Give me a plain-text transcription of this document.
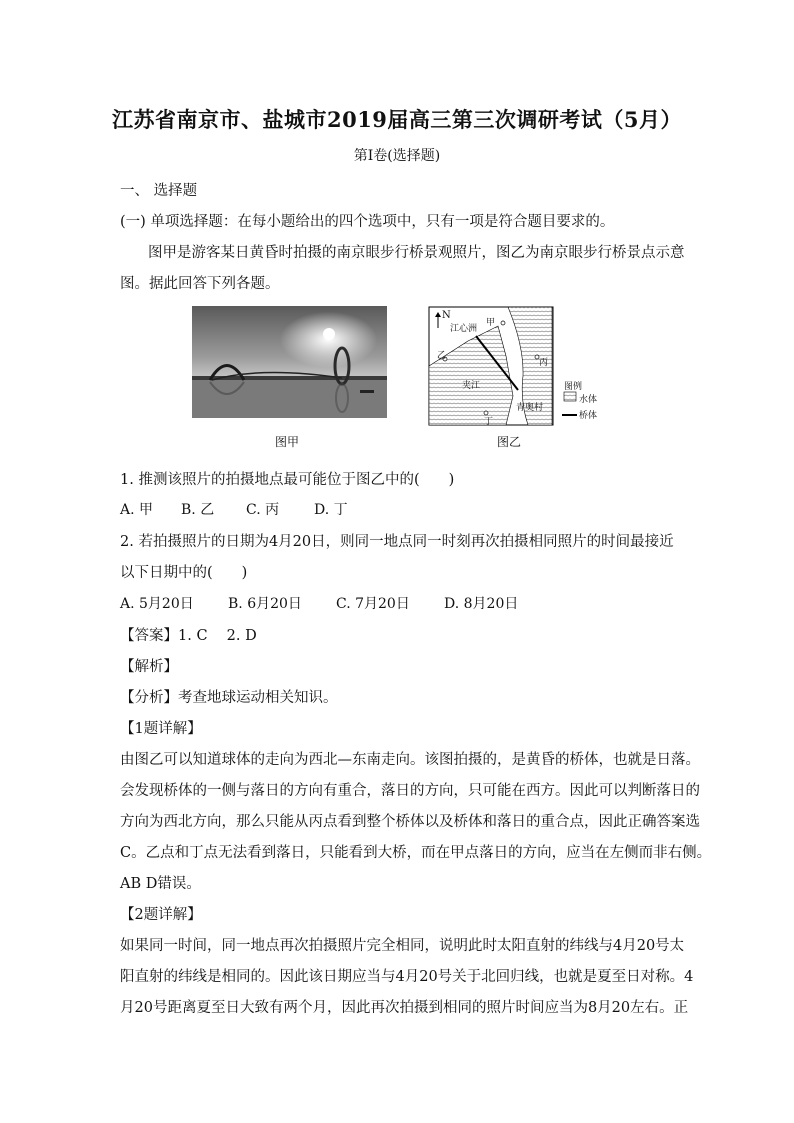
江苏省南京市、盐城市2019届高三第三次调研考试（5月）
第Ⅰ卷(选择题)
一、 选择题
(一) 单项选择题：在每小题给出的四个选项中，只有一项是符合题目要求的。
图甲是游客某日黄昏时拍摄的南京眼步行桥景观照片，图乙为南京眼步行桥景点示意
图。据此回答下列各题。
图甲
N
江心洲
甲
乙
丙
丁
夹江
青奥村
图例
水体
桥体
图乙
1. 推测该照片的拍摄地点最可能位于图乙中的(　　)
A. 甲 B. 乙 C. 丙 D. 丁
2. 若拍摄照片的日期为4月20日，则同一地点同一时刻再次拍摄相同照片的时间最接近
以下日期中的(　　)
A. 5月20日 B. 6月20日 C. 7月20日 D. 8月20日
【答案】1. C　 2. D
【解析】
【分析】考查地球运动相关知识。
【1题详解】
由图乙可以知道球体的走向为西北—东南走向。该图拍摄的，是黄昏的桥体，也就是日落。
会发现桥体的一侧与落日的方向有重合，落日的方向，只可能在西方。因此可以判断落日的
方向为西北方向，那么只能从丙点看到整个桥体以及桥体和落日的重合点，因此正确答案选
C。乙点和丁点无法看到落日，只能看到大桥，而在甲点落日的方向，应当在左侧而非右侧。
AB D错误。
【2题详解】
如果同一时间，同一地点再次拍摄照片完全相同，说明此时太阳直射的纬线与4月20号太
阳直射的纬线是相同的。因此该日期应当与4月20号关于北回归线，也就是夏至日对称。4
月20号距离夏至日大致有两个月，因此再次拍摄到相同的照片时间应当为8月20左右。正
